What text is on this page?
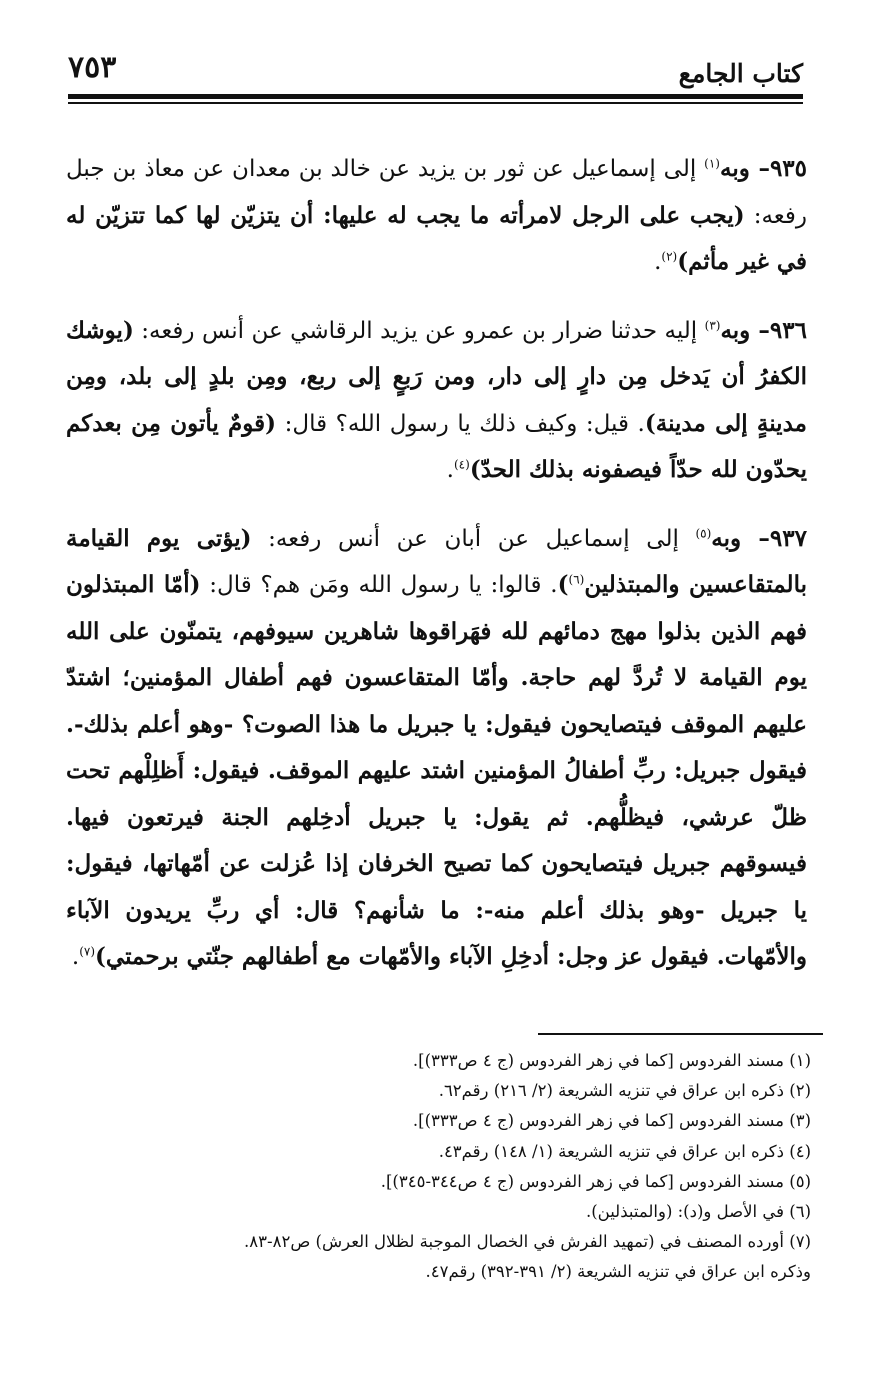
٧٥٣	كتاب الجامع

٩٣٥– وبه$^{(١)}$ إلى إسماعيل عن ثور بن يزيد عن خالد بن معدان عن معاذ بن جبل رفعه: (يجب على الرجل لامرأته ما يجب له عليها: أن يتزيّن لها كما تتزيّن له في غير مأثم)$^{(٢)}$.

٩٣٦– وبه$^{(٣)}$ إليه حدثنا ضرار بن عمرو عن يزيد الرقاشي عن أنس رفعه: (يوشك الكفرُ أن يَدخل مِن دارٍ إلى دار، ومن رَبعٍ إلى ربع، ومِن بلدٍ إلى بلد، ومِن مدينةٍ إلى مدينة). قيل: وكيف ذلك يا رسول الله؟ قال: (قومٌ يأتون مِن بعدكم يحدّون لله حدّاً فيصفونه بذلك الحدّ)$^{(٤)}$.

٩٣٧– وبه$^{(٥)}$ إلى إسماعيل عن أبان عن أنس رفعه: (يؤتى يوم القيامة بالمتقاعسين والمبتذلين$^{(٦)}$). قالوا: يا رسول الله ومَن هم؟ قال: (أمّا المبتذلون فهم الذين بذلوا مهج دمائهم لله فهَراقوها شاهرين سيوفهم، يتمنّون على الله يوم القيامة لا تُردَّ لهم حاجة. وأمّا المتقاعسون فهم أطفال المؤمنين؛ اشتدّ عليهم الموقف فيتصايحون فيقول: يا جبريل ما هذا الصوت؟ -وهو أعلم بذلك-. فيقول جبريل: ربِّ أطفالُ المؤمنين اشتد عليهم الموقف. فيقول: أَظلِلْهم تحت ظلّ عرشي، فيظلُّهم. ثم يقول: يا جبريل أدخِلهم الجنة فيرتعون فيها. فيسوقهم جبريل فيتصايحون كما تصيح الخرفان إذا عُزلت عن أمّهاتها، فيقول: يا جبريل -وهو بذلك أعلم منه-: ما شأنهم؟ قال: أي ربِّ يريدون الآباء والأمّهات. فيقول عز وجل: أدخِلِ الآباء والأمّهات مع أطفالهم جنّتي برحمتي)$^{(٧)}$.

(١) مسند الفردوس [كما في زهر الفردوس (ج ٤ ص٣٣٣)].

(٢) ذكره ابن عراق في تنزيه الشريعة (٢/ ٢١٦) رقم٦٢.

(٣) مسند الفردوس [كما في زهر الفردوس (ج ٤ ص٣٣٣)].

(٤) ذكره ابن عراق في تنزيه الشريعة (١/ ١٤٨) رقم٤٣.

(٥) مسند الفردوس [كما في زهر الفردوس (ج ٤ ص٣٤٤-٣٤٥)].

(٦) في الأصل و(د): (والمتبذلين).

(٧) أورده المصنف في (تمهيد الفرش في الخصال الموجبة لظلال العرش) ص٨٢-٨٣.

وذكره ابن عراق في تنزيه الشريعة (٢/ ٣٩١-٣٩٢) رقم٤٧.
